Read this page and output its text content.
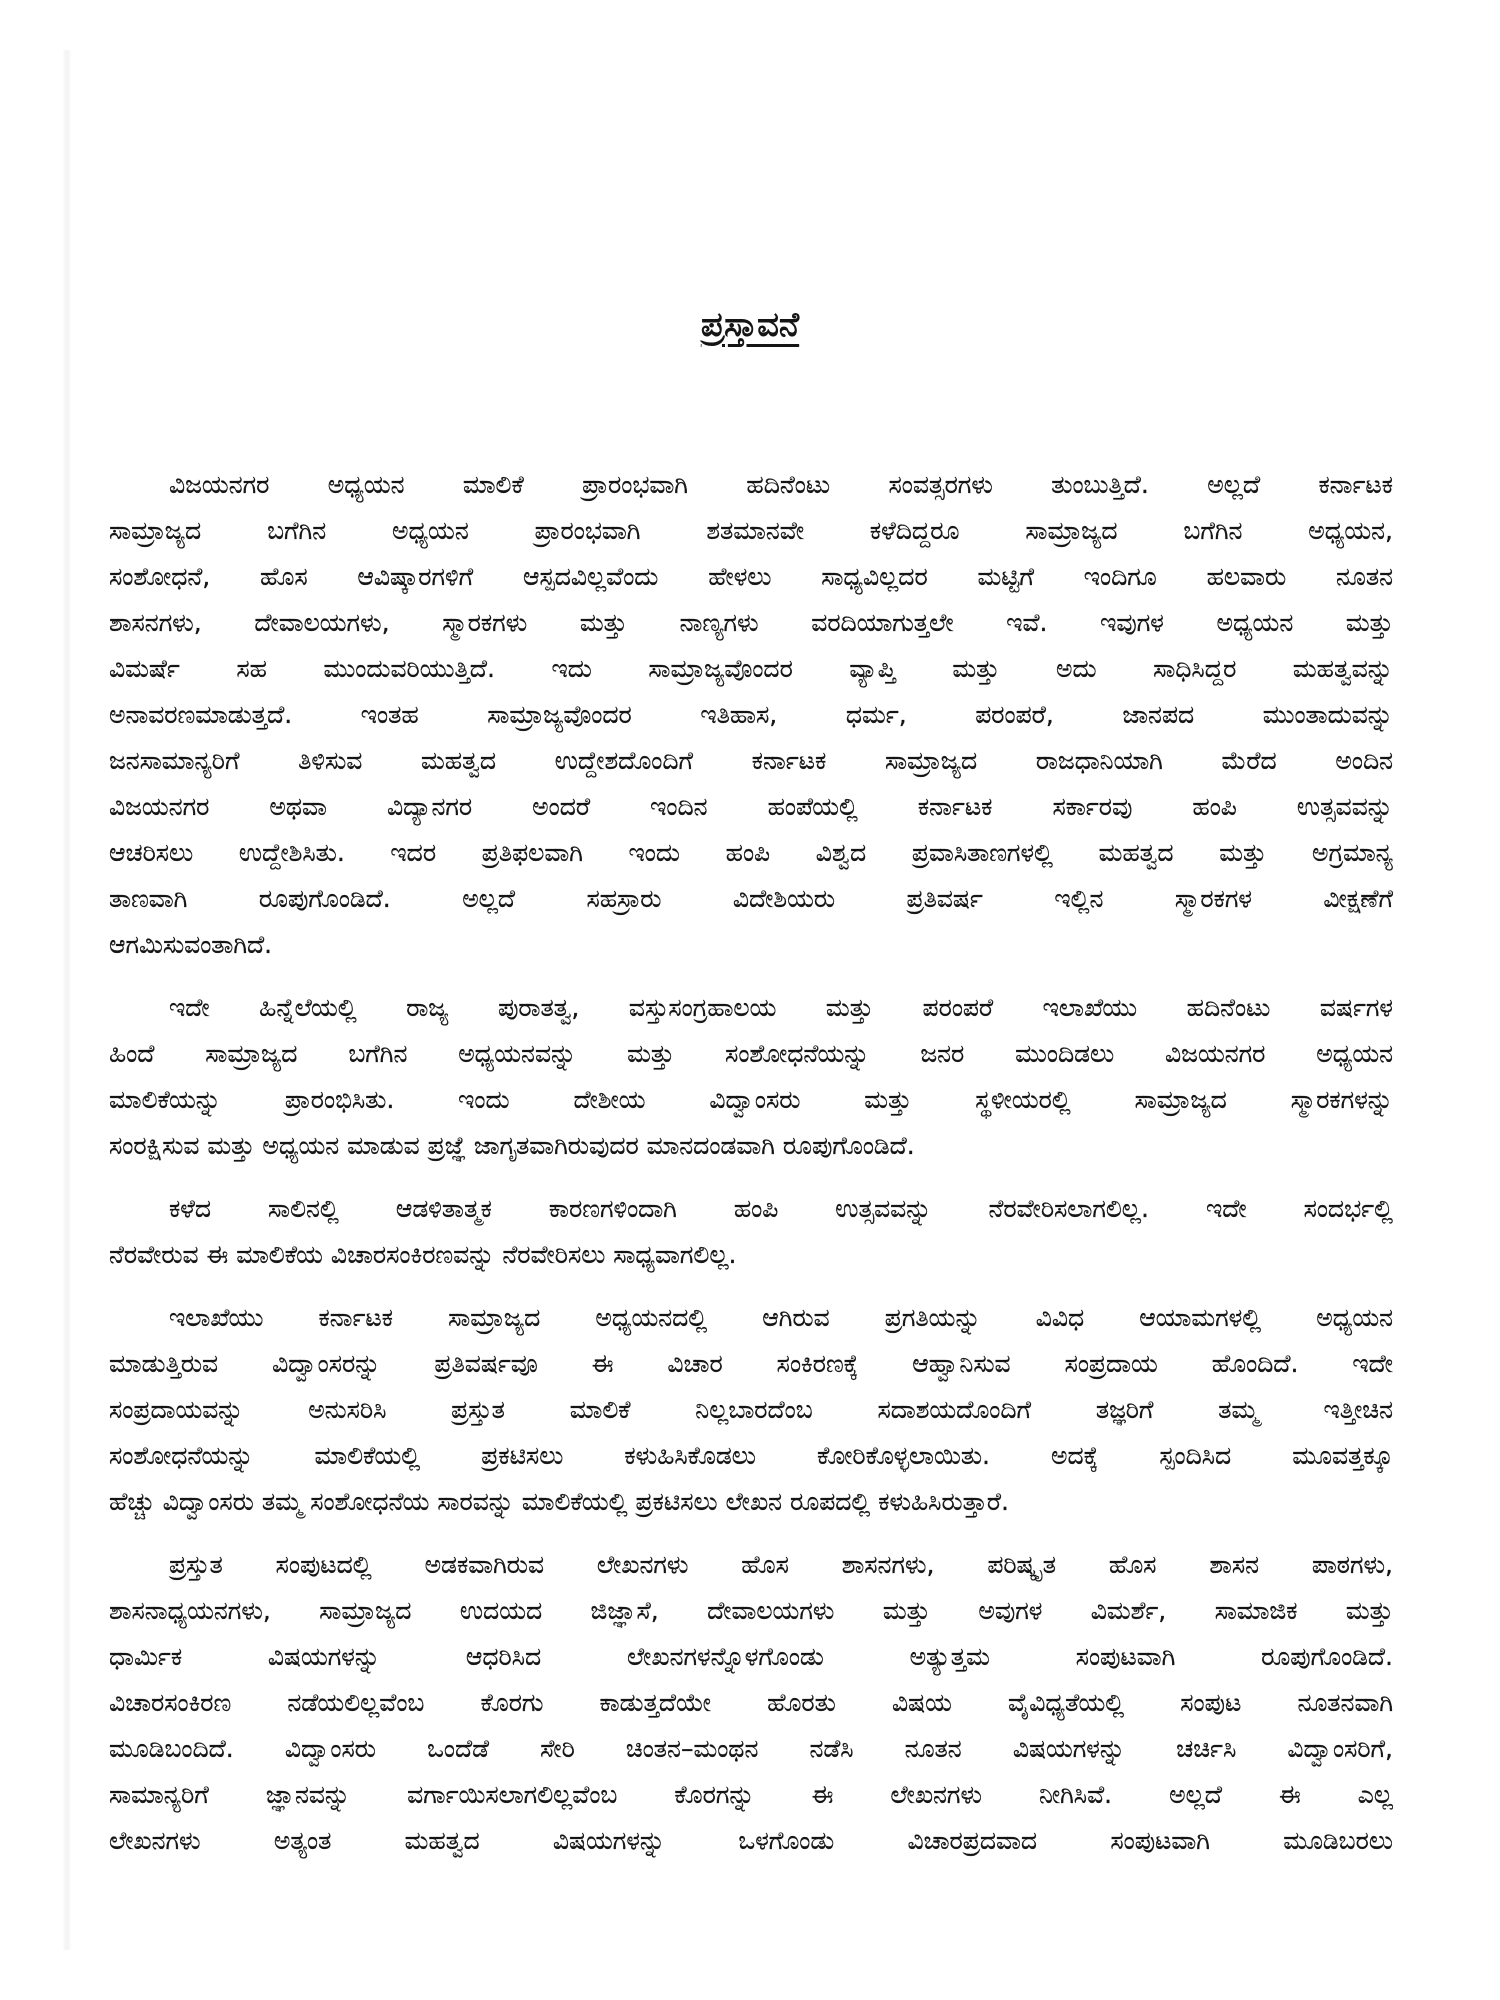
ಪ್ರಸ್ತಾವನೆ
ವಿಜಯನಗರ ಅಧ್ಯಯನ ಮಾಲಿಕೆ ಪ್ರಾರಂಭವಾಗಿ ಹದಿನೆಂಟು ಸಂವತ್ಸರಗಳು ತುಂಬುತ್ತಿದೆ. ಅಲ್ಲದೆ ಕರ್ನಾಟಕ
ಸಾಮ್ರಾಜ್ಯದ ಬಗೆಗಿನ ಅಧ್ಯಯನ ಪ್ರಾರಂಭವಾಗಿ ಶತಮಾನವೇ ಕಳೆದಿದ್ದರೂ ಸಾಮ್ರಾಜ್ಯದ ಬಗೆಗಿನ ಅಧ್ಯಯನ,
ಸಂಶೋಧನೆ, ಹೊಸ ಆವಿಷ್ಕಾರಗಳಿಗೆ ಆಸ್ಪದವಿಲ್ಲವೆಂದು ಹೇಳಲು ಸಾಧ್ಯವಿಲ್ಲದರ ಮಟ್ಟಿಗೆ ಇಂದಿಗೂ ಹಲವಾರು ನೂತನ
ಶಾಸನಗಳು, ದೇವಾಲಯಗಳು, ಸ್ಮಾರಕಗಳು ಮತ್ತು ನಾಣ್ಯಗಳು ವರದಿಯಾಗುತ್ತಲೇ ಇವೆ. ಇವುಗಳ ಅಧ್ಯಯನ ಮತ್ತು
ವಿಮರ್ಷೆ ಸಹ ಮುಂದುವರಿಯುತ್ತಿದೆ. ಇದು ಸಾಮ್ರಾಜ್ಯವೊಂದರ ವ್ಯಾಪ್ತಿ ಮತ್ತು ಅದು ಸಾಧಿಸಿದ್ದರ ಮಹತ್ವವನ್ನು
ಅನಾವರಣಮಾಡುತ್ತದೆ. ಇಂತಹ ಸಾಮ್ರಾಜ್ಯವೊಂದರ ಇತಿಹಾಸ, ಧರ್ಮ, ಪರಂಪರೆ, ಜಾನಪದ ಮುಂತಾದುವನ್ನು
ಜನಸಾಮಾನ್ಯರಿಗೆ ತಿಳಿಸುವ ಮಹತ್ವದ ಉದ್ದೇಶದೊಂದಿಗೆ ಕರ್ನಾಟಕ ಸಾಮ್ರಾಜ್ಯದ ರಾಜಧಾನಿಯಾಗಿ ಮೆರೆದ ಅಂದಿನ
ವಿಜಯನಗರ ಅಥವಾ ವಿದ್ಯಾನಗರ ಅಂದರೆ ಇಂದಿನ ಹಂಪೆಯಲ್ಲಿ ಕರ್ನಾಟಕ ಸರ್ಕಾರವು ಹಂಪಿ ಉತ್ಸವವನ್ನು
ಆಚರಿಸಲು ಉದ್ದೇಶಿಸಿತು. ಇದರ ಪ್ರತಿಫಲವಾಗಿ ಇಂದು ಹಂಪಿ ವಿಶ್ವದ ಪ್ರವಾಸಿತಾಣಗಳಲ್ಲಿ ಮಹತ್ವದ ಮತ್ತು ಅಗ್ರಮಾನ್ಯ
ತಾಣವಾಗಿ ರೂಪುಗೊಂಡಿದೆ. ಅಲ್ಲದೆ ಸಹಸ್ರಾರು ವಿದೇಶಿಯರು ಪ್ರತಿವರ್ಷ ಇಲ್ಲಿನ ಸ್ಮಾರಕಗಳ ವೀಕ್ಷಣೆಗೆ
ಆಗಮಿಸುವಂತಾಗಿದೆ.
ಇದೇ ಹಿನ್ನೆಲೆಯಲ್ಲಿ ರಾಜ್ಯ ಪುರಾತತ್ವ, ವಸ್ತುಸಂಗ್ರಹಾಲಯ ಮತ್ತು ಪರಂಪರೆ ಇಲಾಖೆಯು ಹದಿನೆಂಟು ವರ್ಷಗಳ
ಹಿಂದೆ ಸಾಮ್ರಾಜ್ಯದ ಬಗೆಗಿನ ಅಧ್ಯಯನವನ್ನು ಮತ್ತು ಸಂಶೋಧನೆಯನ್ನು ಜನರ ಮುಂದಿಡಲು ವಿಜಯನಗರ ಅಧ್ಯಯನ
ಮಾಲಿಕೆಯನ್ನು ಪ್ರಾರಂಭಿಸಿತು. ಇಂದು ದೇಶೀಯ ವಿದ್ವಾಂಸರು ಮತ್ತು ಸ್ಥಳೀಯರಲ್ಲಿ ಸಾಮ್ರಾಜ್ಯದ ಸ್ಮಾರಕಗಳನ್ನು
ಸಂರಕ್ಷಿಸುವ ಮತ್ತು ಅಧ್ಯಯನ ಮಾಡುವ ಪ್ರಜ್ಞೆ ಜಾಗೃತವಾಗಿರುವುದರ ಮಾನದಂಡವಾಗಿ ರೂಪುಗೊಂಡಿದೆ.
ಕಳೆದ ಸಾಲಿನಲ್ಲಿ ಆಡಳಿತಾತ್ಮಕ ಕಾರಣಗಳಿಂದಾಗಿ ಹಂಪಿ ಉತ್ಸವವನ್ನು ನೆರವೇರಿಸಲಾಗಲಿಲ್ಲ. ಇದೇ ಸಂದರ್ಭಲ್ಲಿ
ನೆರವೇರುವ ಈ ಮಾಲಿಕೆಯ ವಿಚಾರಸಂಕಿರಣವನ್ನು ನೆರವೇರಿಸಲು ಸಾಧ್ಯವಾಗಲಿಲ್ಲ.
ಇಲಾಖೆಯು ಕರ್ನಾಟಕ ಸಾಮ್ರಾಜ್ಯದ ಅಧ್ಯಯನದಲ್ಲಿ ಆಗಿರುವ ಪ್ರಗತಿಯನ್ನು ವಿವಿಧ ಆಯಾಮಗಳಲ್ಲಿ ಅಧ್ಯಯನ
ಮಾಡುತ್ತಿರುವ ವಿದ್ವಾಂಸರನ್ನು ಪ್ರತಿವರ್ಷವೂ ಈ ವಿಚಾರ ಸಂಕಿರಣಕ್ಕೆ ಆಹ್ವಾನಿಸುವ ಸಂಪ್ರದಾಯ ಹೊಂದಿದೆ. ಇದೇ
ಸಂಪ್ರದಾಯವನ್ನು ಅನುಸರಿಸಿ ಪ್ರಸ್ತುತ ಮಾಲಿಕೆ ನಿಲ್ಲಬಾರದೆಂಬ ಸದಾಶಯದೊಂದಿಗೆ ತಜ್ಞರಿಗೆ ತಮ್ಮ ಇತ್ತೀಚಿನ
ಸಂಶೋಧನೆಯನ್ನು ಮಾಲಿಕೆಯಲ್ಲಿ ಪ್ರಕಟಿಸಲು ಕಳುಹಿಸಿಕೊಡಲು ಕೋರಿಕೊಳ್ಳಲಾಯಿತು. ಅದಕ್ಕೆ ಸ್ಪಂದಿಸಿದ ಮೂವತ್ತಕ್ಕೂ
ಹೆಚ್ಚು ವಿದ್ವಾಂಸರು ತಮ್ಮ ಸಂಶೋಧನೆಯ ಸಾರವನ್ನು ಮಾಲಿಕೆಯಲ್ಲಿ ಪ್ರಕಟಿಸಲು ಲೇಖನ ರೂಪದಲ್ಲಿ ಕಳುಹಿಸಿರುತ್ತಾರೆ.
ಪ್ರಸ್ತುತ ಸಂಪುಟದಲ್ಲಿ ಅಡಕವಾಗಿರುವ ಲೇಖನಗಳು ಹೊಸ ಶಾಸನಗಳು, ಪರಿಷ್ಕೃತ ಹೊಸ ಶಾಸನ ಪಾಠಗಳು,
ಶಾಸನಾಧ್ಯಯನಗಳು, ಸಾಮ್ರಾಜ್ಯದ ಉದಯದ ಜಿಜ್ಞಾಸೆ, ದೇವಾಲಯಗಳು ಮತ್ತು ಅವುಗಳ ವಿಮರ್ಶೆ, ಸಾಮಾಜಿಕ ಮತ್ತು
ಧಾರ್ಮಿಕ ವಿಷಯಗಳನ್ನು ಆಧರಿಸಿದ ಲೇಖನಗಳನ್ನೊಳಗೊಂಡು ಅತ್ಯುತ್ತಮ ಸಂಪುಟವಾಗಿ ರೂಪುಗೊಂಡಿದೆ.
ವಿಚಾರಸಂಕಿರಣ ನಡೆಯಲಿಲ್ಲವೆಂಬ ಕೊರಗು ಕಾಡುತ್ತದೆಯೇ ಹೊರತು ವಿಷಯ ವೈವಿಧ್ಯತೆಯಲ್ಲಿ ಸಂಪುಟ ನೂತನವಾಗಿ
ಮೂಡಿಬಂದಿದೆ. ವಿದ್ವಾಂಸರು ಒಂದೆಡೆ ಸೇರಿ ಚಿಂತನ–ಮಂಥನ ನಡೆಸಿ ನೂತನ ವಿಷಯಗಳನ್ನು ಚರ್ಚಿಸಿ ವಿದ್ವಾಂಸರಿಗೆ,
ಸಾಮಾನ್ಯರಿಗೆ ಜ್ಞಾನವನ್ನು ವರ್ಗಾಯಿಸಲಾಗಲಿಲ್ಲವೆಂಬ ಕೊರಗನ್ನು ಈ ಲೇಖನಗಳು ನೀಗಿಸಿವೆ. ಅಲ್ಲದೆ ಈ ಎಲ್ಲ
ಲೇಖನಗಳು ಅತ್ಯಂತ ಮಹತ್ವದ ವಿಷಯಗಳನ್ನು ಒಳಗೊಂಡು ವಿಚಾರಪ್ರದವಾದ ಸಂಪುಟವಾಗಿ ಮೂಡಿಬರಲು
